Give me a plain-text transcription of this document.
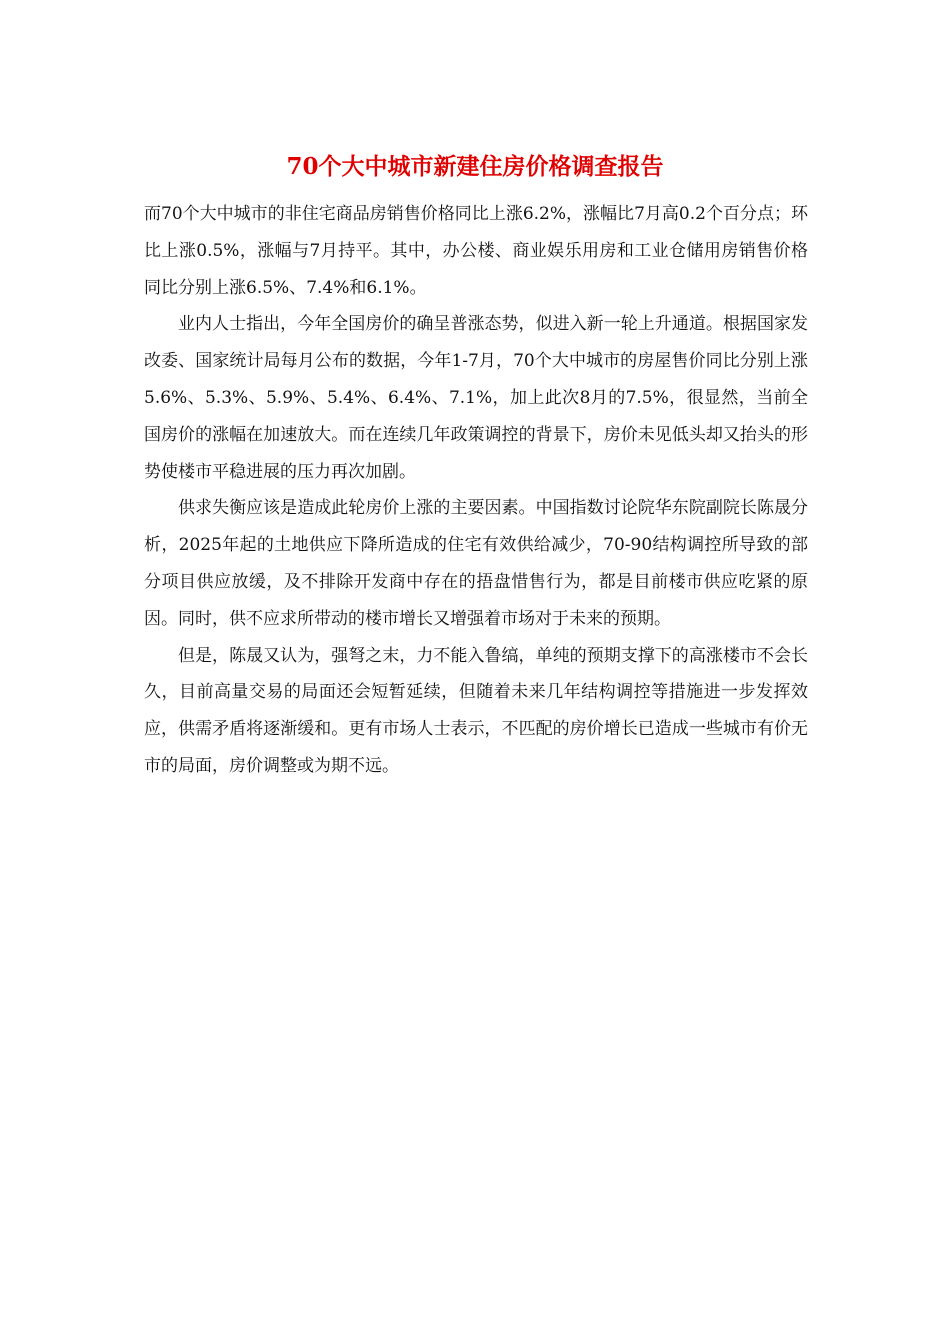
70个大中城市新建住房价格调查报告

而70个大中城市的非住宅商品房销售价格同比上涨6.2%，涨幅比7月高0.2个百分点；环比上涨0.5%，涨幅与7月持平。其中，办公楼、商业娱乐用房和工业仓储用房销售价格同比分别上涨6.5%、7.4%和6.1%。

业内人士指出，今年全国房价的确呈普涨态势，似进入新一轮上升通道。根据国家发改委、国家统计局每月公布的数据，今年1-7月，70个大中城市的房屋售价同比分别上涨5.6%、5.3%、5.9%、5.4%、6.4%、7.1%，加上此次8月的7.5%，很显然，当前全国房价的涨幅在加速放大。而在连续几年政策调控的背景下，房价未见低头却又抬头的形势使楼市平稳进展的压力再次加剧。

供求失衡应该是造成此轮房价上涨的主要因素。中国指数讨论院华东院副院长陈晟分析，2025年起的土地供应下降所造成的住宅有效供给减少，70-90结构调控所导致的部分项目供应放缓，及不排除开发商中存在的捂盘惜售行为，都是目前楼市供应吃紧的原因。同时，供不应求所带动的楼市增长又增强着市场对于未来的预期。

但是，陈晟又认为，强弩之末，力不能入鲁缟，单纯的预期支撑下的高涨楼市不会长久，目前高量交易的局面还会短暂延续，但随着未来几年结构调控等措施进一步发挥效应，供需矛盾将逐渐缓和。更有市场人士表示，不匹配的房价增长已造成一些城市有价无市的局面，房价调整或为期不远。
